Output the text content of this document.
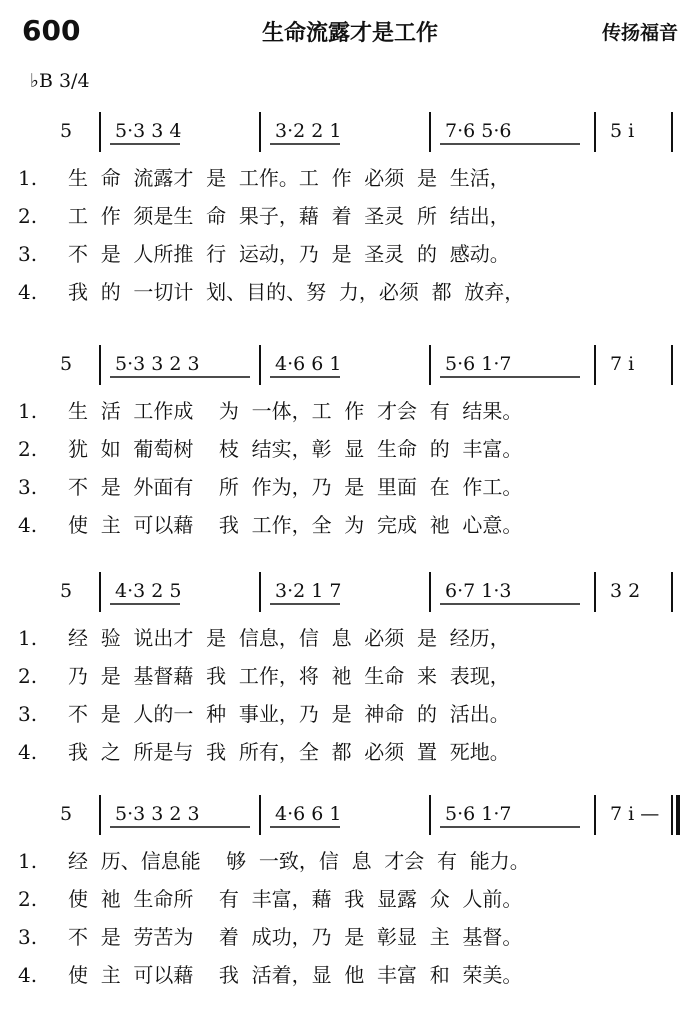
600	生命流露才是工作	传扬福音
♭B 3/4
5 5·3 3 4	3·2 2 1	7·6 5·6	5 i
1. 生  命  流露才  是  工作。工  作  必须  是  生活，
2. 工  作  须是生  命  果子，藉  着  圣灵  所  结出，
3. 不  是  人所推  行  运动，乃  是  圣灵  的  感动。
4. 我  的  一切计  划、目的、努  力，必须  都  放弃，
5 5·3 3 2 3	4·6 6 1	5·6 1·7	7 i
1. 生  活  工作成    为  一体，工  作  才会  有  结果。
2. 犹  如  葡萄树    枝  结实，彰  显  生命  的  丰富。
3. 不  是  外面有    所  作为，乃  是  里面  在  作工。
4. 使  主  可以藉    我  工作，全  为  完成  祂  心意。
5 4·3 2 5	3·2 1 7	6·7 1·3	3 2
1. 经  验  说出才  是  信息，信  息  必须  是  经历，
2. 乃  是  基督藉  我  工作，将  祂  生命  来  表现，
3. 不  是  人的一  种  事业，乃  是  神命  的  活出。
4. 我  之  所是与  我  所有，全  都  必须  置  死地。
5 5·3 3 2 3	4·6 6 1	5·6 1·7	7 i —
1. 经  历、信息能    够  一致，信  息  才会  有  能力。
2. 使  祂  生命所    有  丰富，藉  我  显露  众  人前。
3. 不  是  劳苦为    着  成功，乃  是  彰显  主  基督。
4. 使  主  可以藉    我  活着，显  他  丰富  和  荣美。
